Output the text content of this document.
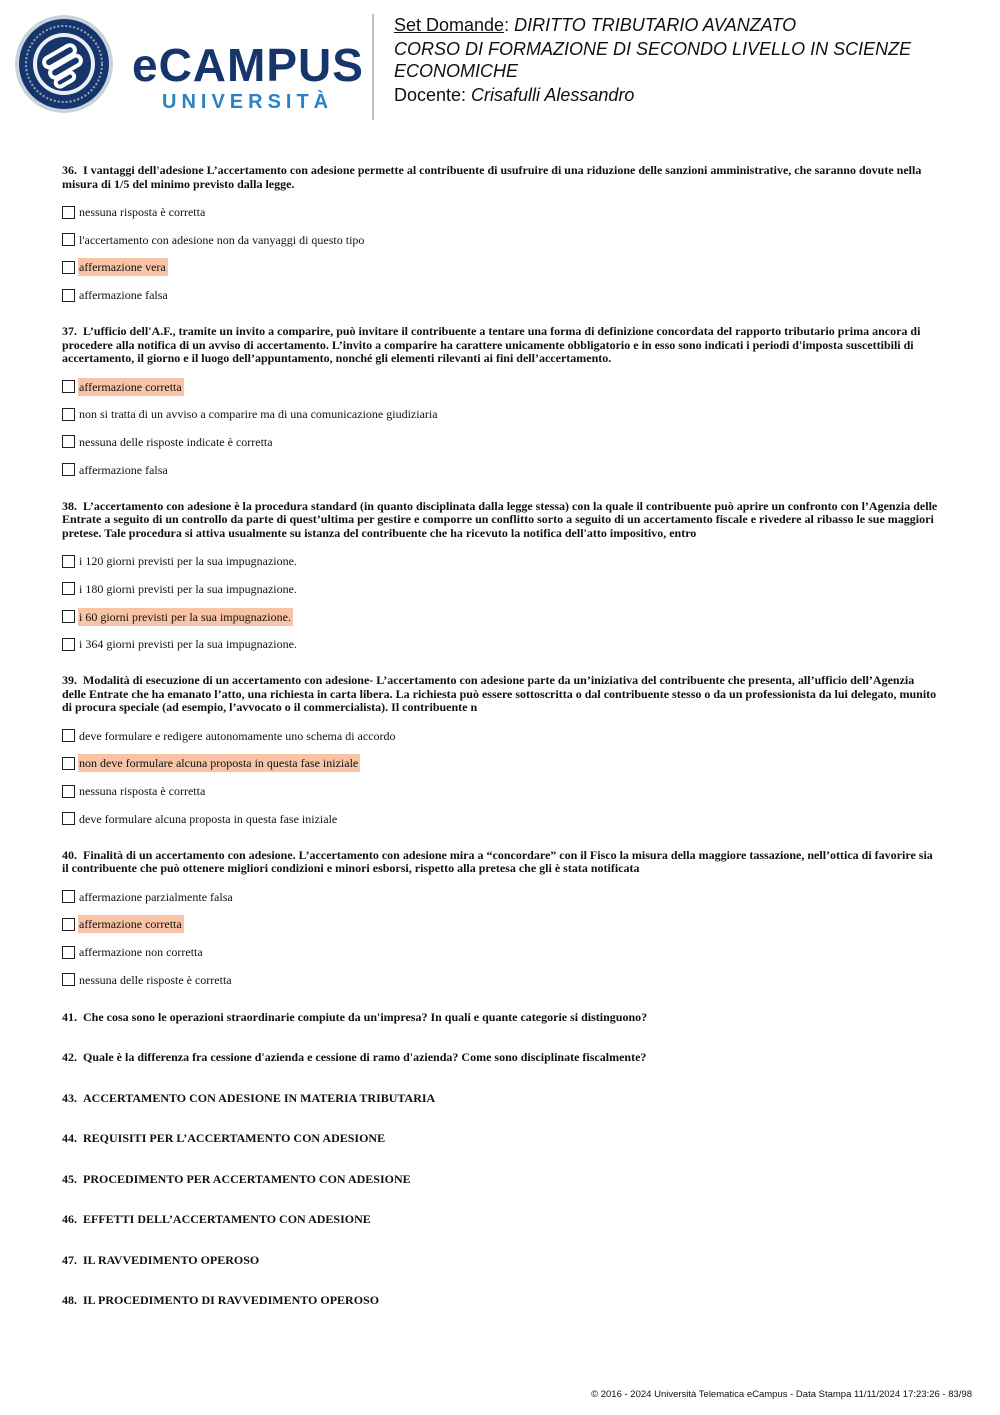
eCAMPUS
UNIVERSITÀ
Set Domande: DIRITTO TRIBUTARIO AVANZATO
CORSO DI FORMAZIONE DI SECONDO LIVELLO IN SCIENZE ECONOMICHE
Docente: Crisafulli Alessandro
36. I vantaggi dell'adesione L’accertamento con adesione permette al contribuente di usufruire di una riduzione delle sanzioni amministrative, che saranno dovute nella misura di 1/5 del minimo previsto dalla legge.
nessuna risposta è corretta
l'accertamento con adesione non da vanyaggi di questo tipo
affermazione vera
affermazione falsa
37. L’ufficio dell'A.F., tramite un invito a comparire, può invitare il contribuente a tentare una forma di definizione concordata del rapporto tributario prima ancora di procedere alla notifica di un avviso di accertamento. L’invito a comparire ha carattere unicamente obbligatorio e in esso sono indicati i periodi d'imposta suscettibili di accertamento, il giorno e il luogo dell’appuntamento, nonché gli elementi rilevanti ai fini dell’accertamento.
affermazione corretta
non si tratta di un avviso a comparire ma di una comunicazione giudiziaria
nessuna delle risposte indicate è corretta
affermazione falsa
38. L’accertamento con adesione è la procedura standard (in quanto disciplinata dalla legge stessa) con la quale il contribuente può aprire un confronto con l’Agenzia delle Entrate a seguito di un controllo da parte di quest’ultima per gestire e comporre un conflitto sorto a seguito di un accertamento fiscale e rivedere al ribasso le sue maggiori pretese. Tale procedura si attiva usualmente su istanza del contribuente che ha ricevuto la notifica dell'atto impositivo, entro
i 120 giorni previsti per la sua impugnazione.
i 180 giorni previsti per la sua impugnazione.
i 60 giorni previsti per la sua impugnazione.
i 364 giorni previsti per la sua impugnazione.
39. Modalità di esecuzione di un accertamento con adesione- L’accertamento con adesione parte da un’iniziativa del contribuente che presenta, all’ufficio dell’Agenzia delle Entrate che ha emanato l’atto, una richiesta in carta libera. La richiesta può essere sottoscritta o dal contribuente stesso o da un professionista da lui delegato, munito di procura speciale (ad esempio, l’avvocato o il commercialista). Il contribuente n
deve formulare e redigere autonomamente uno schema di accordo
non deve formulare alcuna proposta in questa fase iniziale
nessuna risposta è corretta
deve formulare alcuna proposta in questa fase iniziale
40. Finalità di un accertamento con adesione. L’accertamento con adesione mira a “concordare” con il Fisco la misura della maggiore tassazione, nell’ottica di favorire sia il contribuente che può ottenere migliori condizioni e minori esborsi, rispetto alla pretesa che gli è stata notificata
affermazione parzialmente falsa
affermazione corretta
affermazione non corretta
nessuna delle risposte è corretta
41. Che cosa sono le operazioni straordinarie compiute da un'impresa? In quali e quante categorie si distinguono?
42. Quale è la differenza fra cessione d'azienda e cessione di ramo d'azienda? Come sono disciplinate fiscalmente?
43. ACCERTAMENTO CON ADESIONE IN MATERIA TRIBUTARIA
44. REQUISITI PER L’ACCERTAMENTO CON ADESIONE
45. PROCEDIMENTO PER ACCERTAMENTO CON ADESIONE
46. EFFETTI DELL’ACCERTAMENTO CON ADESIONE
47. IL RAVVEDIMENTO OPEROSO
48. IL PROCEDIMENTO DI RAVVEDIMENTO OPEROSO
© 2016 - 2024 Università Telematica eCampus - Data Stampa 11/11/2024 17:23:26 - 83/98
